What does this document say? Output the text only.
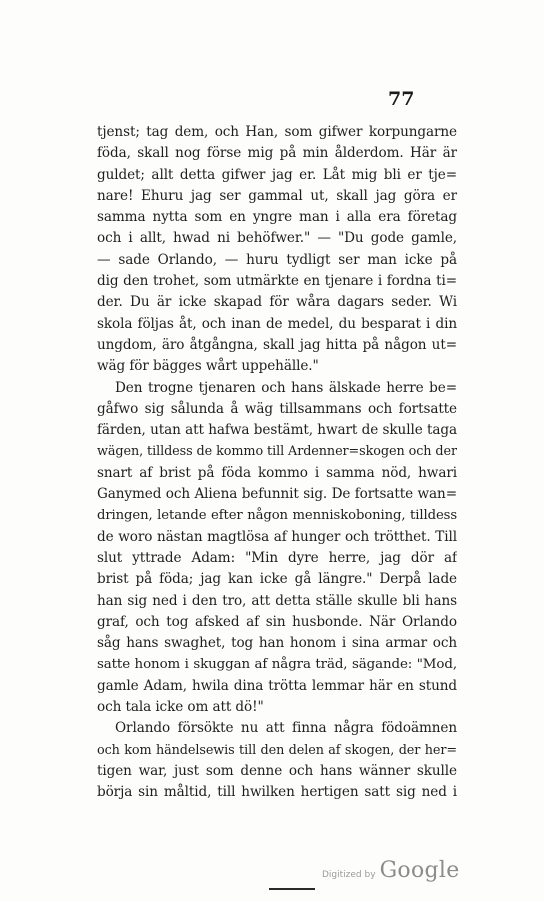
77
tjenst; tag dem, och Han, som gifwer korpungarne
föda, skall nog förse mig på min ålderdom. Här är
guldet; allt detta gifwer jag er. Låt mig bli er tje=
nare! Ehuru jag ser gammal ut, skall jag göra er
samma nytta som en yngre man i alla era företag
och i allt, hwad ni behöfwer." — "Du gode gamle,
— sade Orlando, — huru tydligt ser man icke på
dig den trohet, som utmärkte en tjenare i fordna ti=
der. Du är icke skapad för wåra dagars seder. Wi
skola följas åt, och inan de medel, du besparat i din
ungdom, äro åtgångna, skall jag hitta på någon ut=
wäg för bägges wårt uppehälle."
Den trogne tjenaren och hans älskade herre be=
gåfwo sig sålunda å wäg tillsammans och fortsatte
färden, utan att hafwa bestämt, hwart de skulle taga
wägen, tilldess de kommo till Ardenner=skogen och der
snart af brist på föda kommo i samma nöd, hwari
Ganymed och Aliena befunnit sig. De fortsatte wan=
dringen, letande efter någon menniskoboning, tilldess
de woro nästan magtlösa af hunger och trötthet. Till
slut yttrade Adam: "Min dyre herre, jag dör af
brist på föda; jag kan icke gå längre." Derpå lade
han sig ned i den tro, att detta ställe skulle bli hans
graf, och tog afsked af sin husbonde. När Orlando
såg hans swaghet, tog han honom i sina armar och
satte honom i skuggan af några träd, sägande: "Mod,
gamle Adam, hwila dina trötta lemmar här en stund
och tala icke om att dö!"
Orlando försökte nu att finna några födoämnen
och kom händelsewis till den delen af skogen, der her=
tigen war, just som denne och hans wänner skulle
börja sin måltid, till hwilken hertigen satt sig ned i
Digitized by Google
